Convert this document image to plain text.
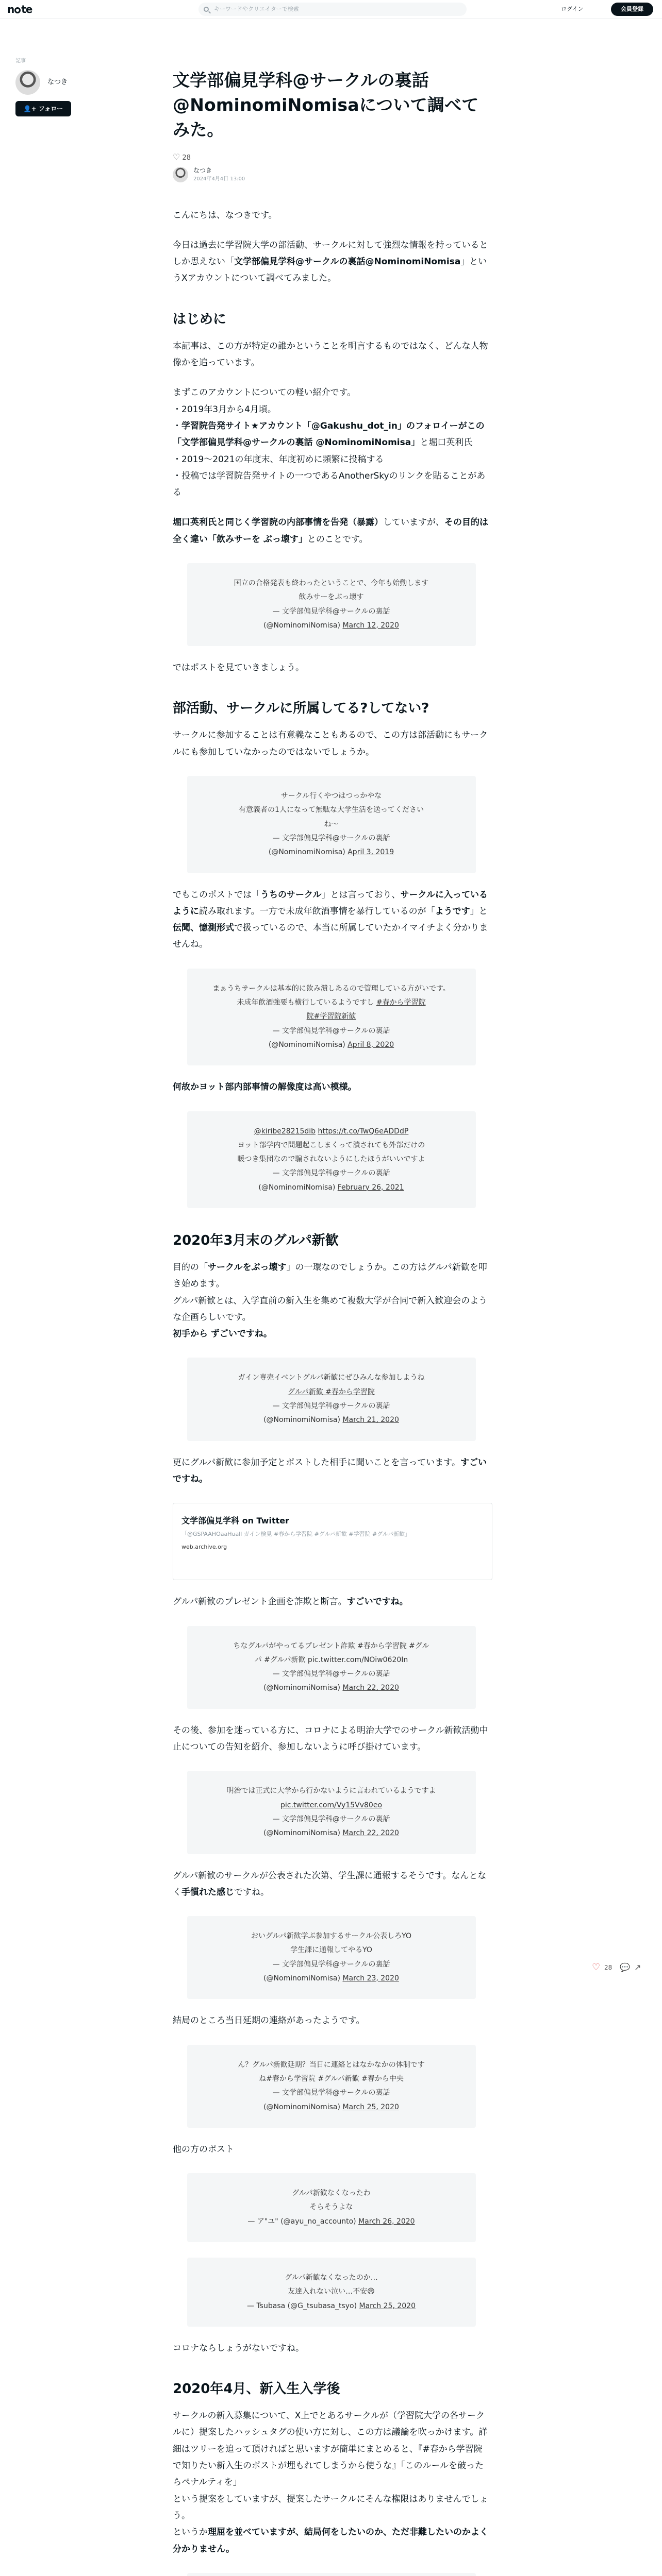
n te	キーワードやクリエイターで検索	ログイン	会員登録
記事
なつき
👤+ フォロー
♡ 28 💬 ↗
文学部偏見学科@サークルの裏話@NominomiNomisaについて調べてみた。
♡ 28
なつき
2024年4月4日 13:00

こんにちは、なつきです。

今日は過去に学習院大学の部活動、サークルに対して強烈な情報を持っているとしか思えない「文学部偏見学科@サークルの裏話@NominomiNomisa」というXアカウントについて調べてみました。

はじめに

本記事は、この方が特定の誰かということを明言するものではなく、どんな人物像かを追っています。

まずこのアカウントについての軽い紹介です。
・2019年3月から4月頃。
・学習院告発サイト★アカウント「@Gakushu_dot_in」のフォロイーがこの「文学部偏見学科@サークルの裏話 @NominomiNomisa」と堀口英利氏
・2019～2021の年度末、年度初めに頻繁に投稿する
・投稿では学習院告発サイトの一つであるAnotherSkyのリンクを貼ることがある

堀口英利氏と同じく学習院の内部事情を告発（暴露）していますが、その目的は全く違い「飲みサーを ぶっ壊す」とのことです。

国立の合格発表も終わったということで、今年も始動します
飲みサーをぶっ壊す
— 文学部偏見学科@サークルの裏話
(@NominomiNomisa) March 12, 2020

ではポストを見ていきましょう。

部活動、サークルに所属してる?してない?

サークルに参加することは有意義なこともあるので、この方は部活動にもサークルにも参加していなかったのではないでしょうか。

サークル行くやつはつっかやな
有意義者の1人になって無駄な大学生活を送ってください
ね～
— 文学部偏見学科@サークルの裏話
(@NominomiNomisa) April 3, 2019

でもこのポストでは「うちのサークル」とは言っており、サークルに入っているように読み取れます。一方で未成年飲酒事情を暴行しているのが「ようです」と伝聞、憶測形式で扱っているので、本当に所属していたかイマイチよく分かりませんね。

まぁうちサークルは基本的に飲み潰しあるので管理している方がいです。
未成年飲酒強要も横行しているようですし #春から学習院
院#学習院新歓
— 文学部偏見学科@サークルの裏話
(@NominomiNomisa) April 8, 2020

何故かヨット部内部事情の解像度は高い模様。

@kiribe28215dib https://t.co/TwQ6eADDdP
ヨット部学内で問題起こしまくって潰されても外部だけの
暖つき集団なので騙されないようにしたほうがいいですよ
— 文学部偏見学科@サークルの裏話
(@NominomiNomisa) February 26, 2021
2020年3月末のグルパ新歓

目的の「サークルをぶっ壊す」の一環なのでしょうか。この方はグルパ新歓を叩き始めます。
グルパ新歓とは、入学直前の新入生を集めて複数大学が合同で新入歓迎会のような企画らしいです。
初手から ずごいですね。

ガイン専売イベントグルパ新歓にぜひみんな参加しようね
グルパ新歓 #春から学習院
— 文学部偏見学科@サークルの裏話
(@NominomiNomisa) March 21, 2020

更にグルパ新歓に参加予定とポストした相手に聞いことを言っています。すごいですね。

文学部偏見学科 on Twitter
「@GSPAAHOaaHuall ガイン検見 #春から学習院 #グルパ新歓 #学習院 #グルパ新歓」
web.archive.org

グルパ新歓のプレゼント企画を詐欺と断言。すごいですね。

ちなグルパがやってるプレゼント詐欺 #春から学習院 #グル
パ #グルパ新歓 pic.twitter.com/NOiw0620In
— 文学部偏見学科@サークルの裏話
(@NominomiNomisa) March 22, 2020

その後、参加を迷っている方に、コロナによる明治大学でのサークル新歓活動中止についての告知を紹介、参加しないように呼び掛けています。

明治では正式に大学から行かないように言われているようですよ
pic.twitter.com/Vy15Vv80eo
— 文学部偏見学科@サークルの裏話
(@NominomiNomisa) March 22, 2020

グルパ新歓のサークルが公表された次第、学生課に通報するそうです。なんとなく手慣れた感じですね。

おいグルパ新歓学ぶ参加するサークル公表しろYO
学生課に通報してやるYO
— 文学部偏見学科@サークルの裏話
(@NominomiNomisa) March 23, 2020

結局のところ当日延期の連絡があったようです。

ん？グルパ新歓延期？当日に連絡とはなかなかの体制です
ね#春から学習院 #グルパ新歓 #春から中央
— 文学部偏見学科@サークルの裏話
(@NominomiNomisa) March 25, 2020

他の方のポスト

グルパ新歓なくなったわ
そらそうよな
— ア"ユ" (@ayu_no_accounto) March 26, 2020
グルパ新歓なくなったのか…
友達入れない泣い…不安😢
— Tsubasa (@G_tsubasa_tsyo) March 25, 2020

コロナならしょうがないですね。

2020年4月、新入生入学後

サークルの新入募集について、X上でとあるサークルが（学習院大学の各サークルに）提案したハッシュタグの使い方に対し、この方は議論を吹っかけます。詳細はツリーを追って頂ければと思いますが簡単にまとめると、『#春から学習院 で知りたい新入生のポストが埋もれてしまうから使うな』「このルールを破ったらペナルティを」
という提案をしていますが、提案したサークルにそんな権限はありませんでしょう。
というか理屈を並べていますが、結局何をしたいのか、ただ非難したいのかよく分かりません。
